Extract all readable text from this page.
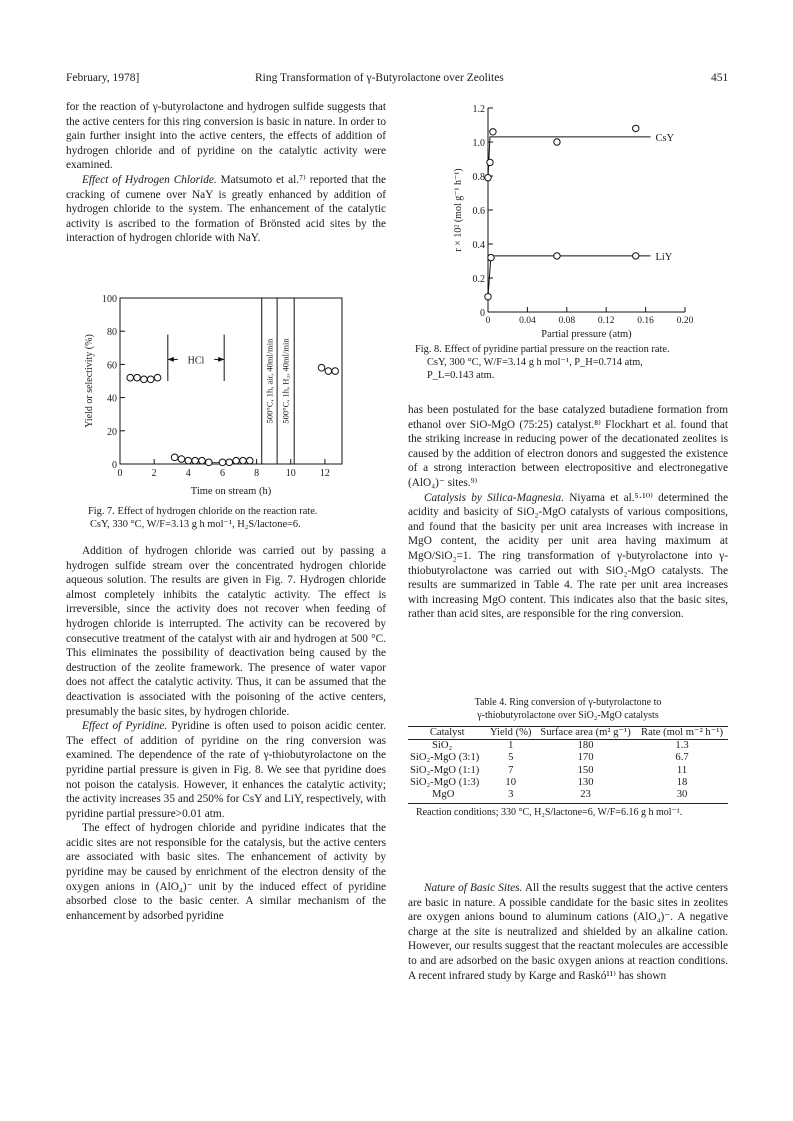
February, 1978]	Ring Transformation of γ-Butyrolactone over Zeolites	451

for the reaction of γ-butyrolactone and hydrogen sulfide suggests that the active centers for this ring conversion is basic in nature. In order to gain further insight into the active centers, the effects of addition of hydrogen chloride and of pyridine on the catalytic activity were examined.

Effect of Hydrogen Chloride. Matsumoto et al.⁷⁾ reported that the cracking of cumene over NaY is greatly enhanced by addition of hydrogen chloride to the system. The enhancement of the catalytic activity is ascribed to the formation of Brönsted acid sites by the interaction of hydrogen chloride with NaY.

0
20
40
60
80
100
0	2	4	6	8	10 12
Time on stream (h)
Yield or selectivity (%)	HCl	500°C, 1h, air, 40ml/min 500°C, 1h, H₂, 40ml/min
Fig. 7. Effect of hydrogen chloride on the reaction rate.
CsY, 330 °C, W/F=3.13 g h mol⁻¹, H₂S/lactone=6.

Addition of hydrogen chloride was carried out by passing a hydrogen sulfide stream over the concentrated hydrogen chloride aqueous solution. The results are given in Fig. 7. Hydrogen chloride almost completely inhibits the catalytic activity. The effect is irreversible, since the activity does not recover when feeding of hydrogen chloride is interrupted. The activity can be recovered by consecutive treatment of the catalyst with air and hydrogen at 500 °C. This eliminates the possibility of deactivation being caused by the destruction of the zeolite framework. The presence of water vapor does not affect the catalytic activity. Thus, it can be assumed that the deactivation is associated with the poisoning of the active centers, presumably the basic sites, by hydrogen chloride.

Effect of Pyridine. Pyridine is often used to poison acidic center. The effect of addition of pyridine on the ring conversion was examined. The dependence of the rate of γ-thiobutyrolactone on the pyridine partial pressure is given in Fig. 8. We see that pyridine does not poison the catalysis. However, it enhances the catalytic activity; the activity increases 35 and 250% for CsY and LiY, respectively, with pyridine partial pressure>0.01 atm.

The effect of hydrogen chloride and pyridine indicates that the acidic sites are not responsible for the catalysis, but the active centers are associated with basic sites. The enhancement of activity by pyridine may be caused by enrichment of the electron density of the oxygen anions in (AlO₄)⁻ unit by the induced effect of pyridine absorbed close to the basic center. A similar mechanism of the enhancement by adsorbed pyridine

0
0.2
0.4
0.6
0.8
1.0
1.2
0	0.04 0.08 0.12 0.16 0.20
Partial pressure (atm)
r × 10² (mol g⁻¹ h⁻¹)
CsY
LiY
Fig. 8. Effect of pyridine partial pressure on the reaction rate.
CsY, 300 °C, W/F=3.14 g h mol⁻¹, P_H=0.714 atm,
P_L=0.143 atm.

has been postulated for the base catalyzed butadiene formation from ethanol over SiO-MgO (75:25) catalyst.⁸⁾ Flockhart et al. found that the striking increase in reducing power of the decationated zeolites is caused by the addition of electron donors and suggested the existence of a strong interaction between electropositive and electronegative (AlO₄)⁻ sites.⁹⁾

Catalysis by Silica-Magnesia. Niyama et al.⁵·¹⁰⁾ determined the acidity and basicity of SiO₂-MgO catalysts of various compositions, and found that the basicity per unit area increases with increase in MgO content, the acidity per unit area having maximum at MgO/SiO₂=1. The ring transformation of γ-butyrolactone into γ-thiobutyrolactone was carried out with SiO₂-MgO catalysts. The results are summarized in Table 4. The rate per unit area increases with increasing MgO content. This indicates also that the basic sites, rather than acid sites, are responsible for the ring conversion.

Table 4. Ring conversion of γ-butyrolactone to
γ-thiobutyrolactone over SiO₂-MgO catalysts
Catalyst	Yield (%)	Surface area (m² g⁻¹)	Rate (mol m⁻² h⁻¹)
SiO₂	1	180	1.3
SiO₂-MgO (3:1)	5	170	6.7
SiO₂-MgO (1:1)	7	150	11
SiO₂-MgO (1:3)	10	130	18
MgO	3	23	30
Reaction conditions; 330 °C, H₂S/lactone=6, W/F=6.16 g h mol⁻¹.

Nature of Basic Sites. All the results suggest that the active centers are basic in nature. A possible candidate for the basic sites in zeolites are oxygen anions bound to aluminum cations (AlO₄)⁻. A negative charge at the site is neutralized and shielded by an alkaline cation. However, our results suggest that the reactant molecules are accessible to and are adsorbed on the basic oxygen anions at reaction conditions. A recent infrared study by Karge and Raskó¹¹⁾ has shown
